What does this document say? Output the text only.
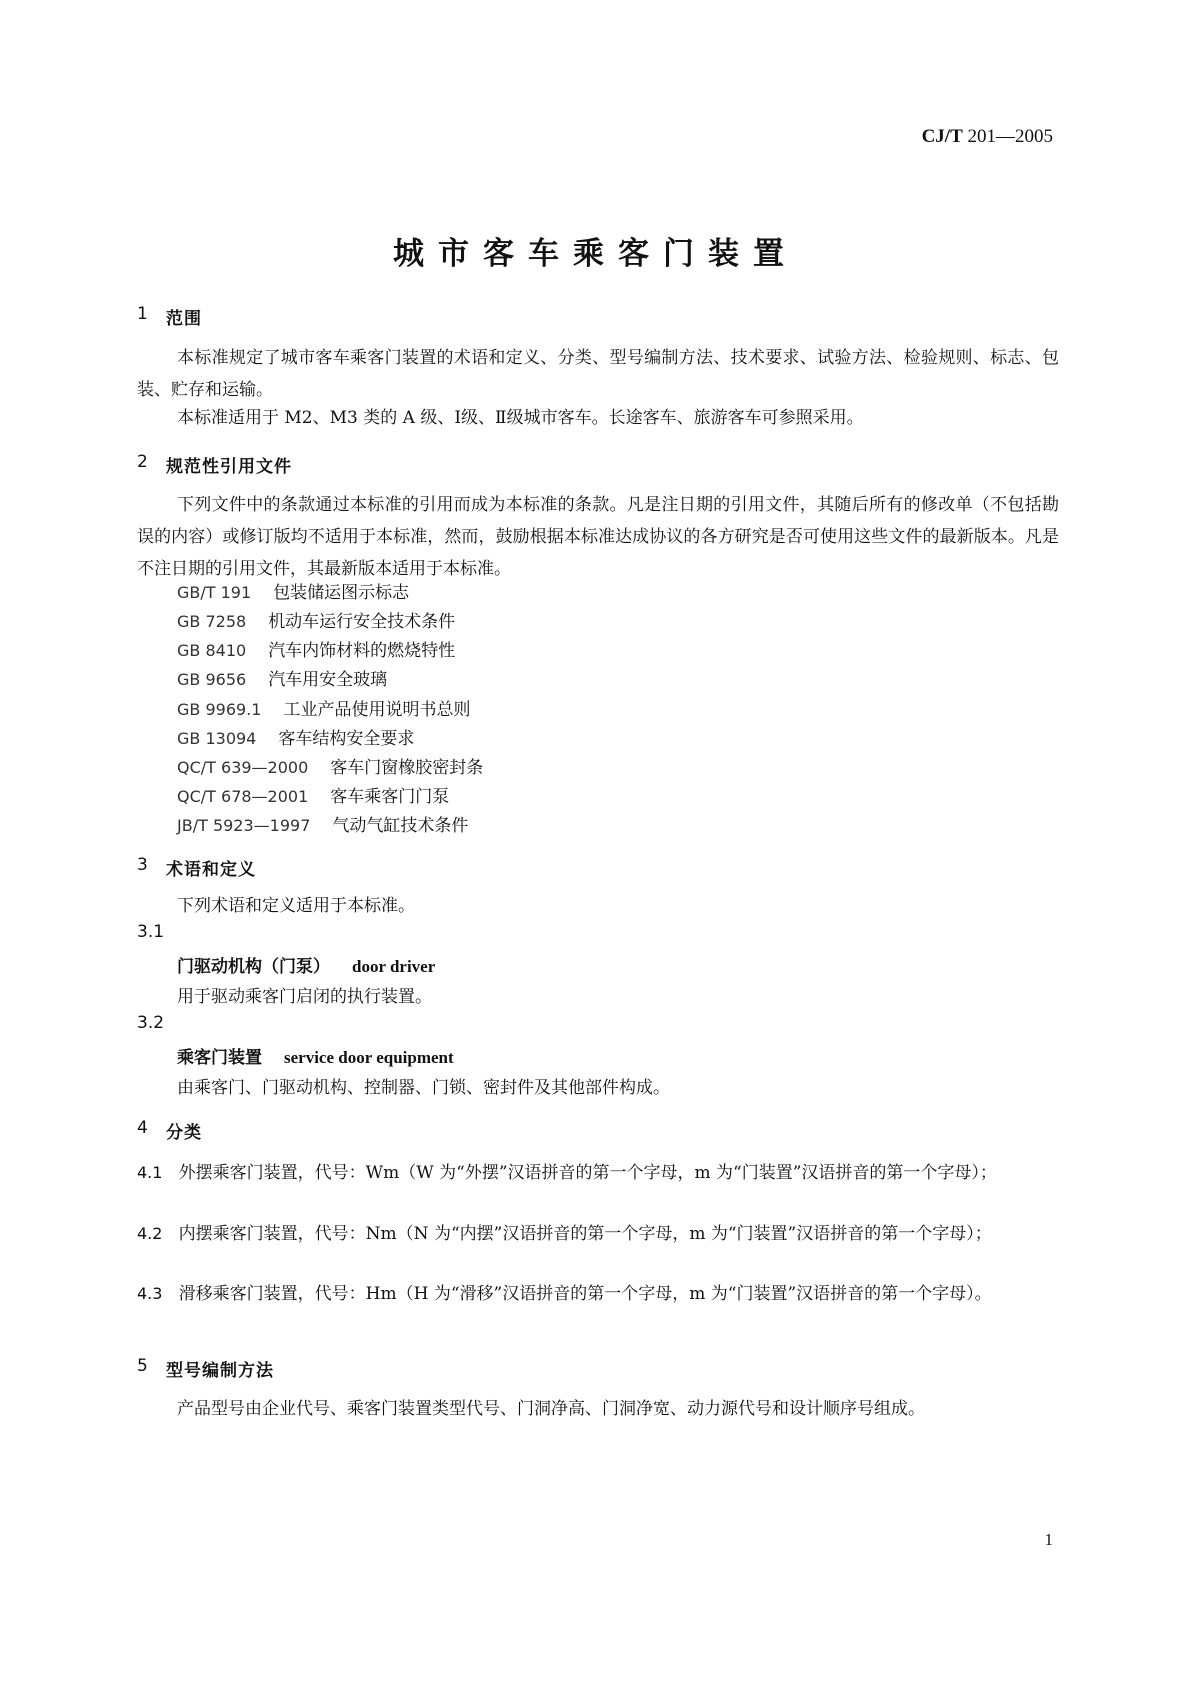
CJ/T 201—2005
城市客车乘客门装置
1 范围
本标准规定了城市客车乘客门装置的术语和定义、分类、型号编制方法、技术要求、试验方法、检验规则、标志、包装、贮存和运输。
本标准适用于 M2、M3 类的 A 级、Ⅰ级、Ⅱ级城市客车。长途客车、旅游客车可参照采用。
2 规范性引用文件
下列文件中的条款通过本标准的引用而成为本标准的条款。凡是注日期的引用文件，其随后所有的修改单（不包括勘误的内容）或修订版均不适用于本标准，然而，鼓励根据本标准达成协议的各方研究是否可使用这些文件的最新版本。凡是不注日期的引用文件，其最新版本适用于本标准。
GB/T 191 包装储运图示标志
GB 7258 机动车运行安全技术条件
GB 8410 汽车内饰材料的燃烧特性
GB 9656 汽车用安全玻璃
GB 9969.1 工业产品使用说明书总则
GB 13094 客车结构安全要求
QC/T 639—2000 客车门窗橡胶密封条
QC/T 678—2001 客车乘客门门泵
JB/T 5923—1997 气动气缸技术条件
3 术语和定义
下列术语和定义适用于本标准。
3.1
门驱动机构（门泵） door driver
用于驱动乘客门启闭的执行装置。
3.2
乘客门装置 service door equipment
由乘客门、门驱动机构、控制器、门锁、密封件及其他部件构成。
4 分类
4.1 外摆乘客门装置，代号：Wm（W 为“外摆”汉语拼音的第一个字母，m 为“门装置”汉语拼音的第一个字母）；
4.2 内摆乘客门装置，代号：Nm（N 为“内摆”汉语拼音的第一个字母，m 为“门装置”汉语拼音的第一个字母）；
4.3 滑移乘客门装置，代号：Hm（H 为“滑移”汉语拼音的第一个字母，m 为“门装置”汉语拼音的第一个字母）。
5 型号编制方法
产品型号由企业代号、乘客门装置类型代号、门洞净高、门洞净宽、动力源代号和设计顺序号组成。
1
